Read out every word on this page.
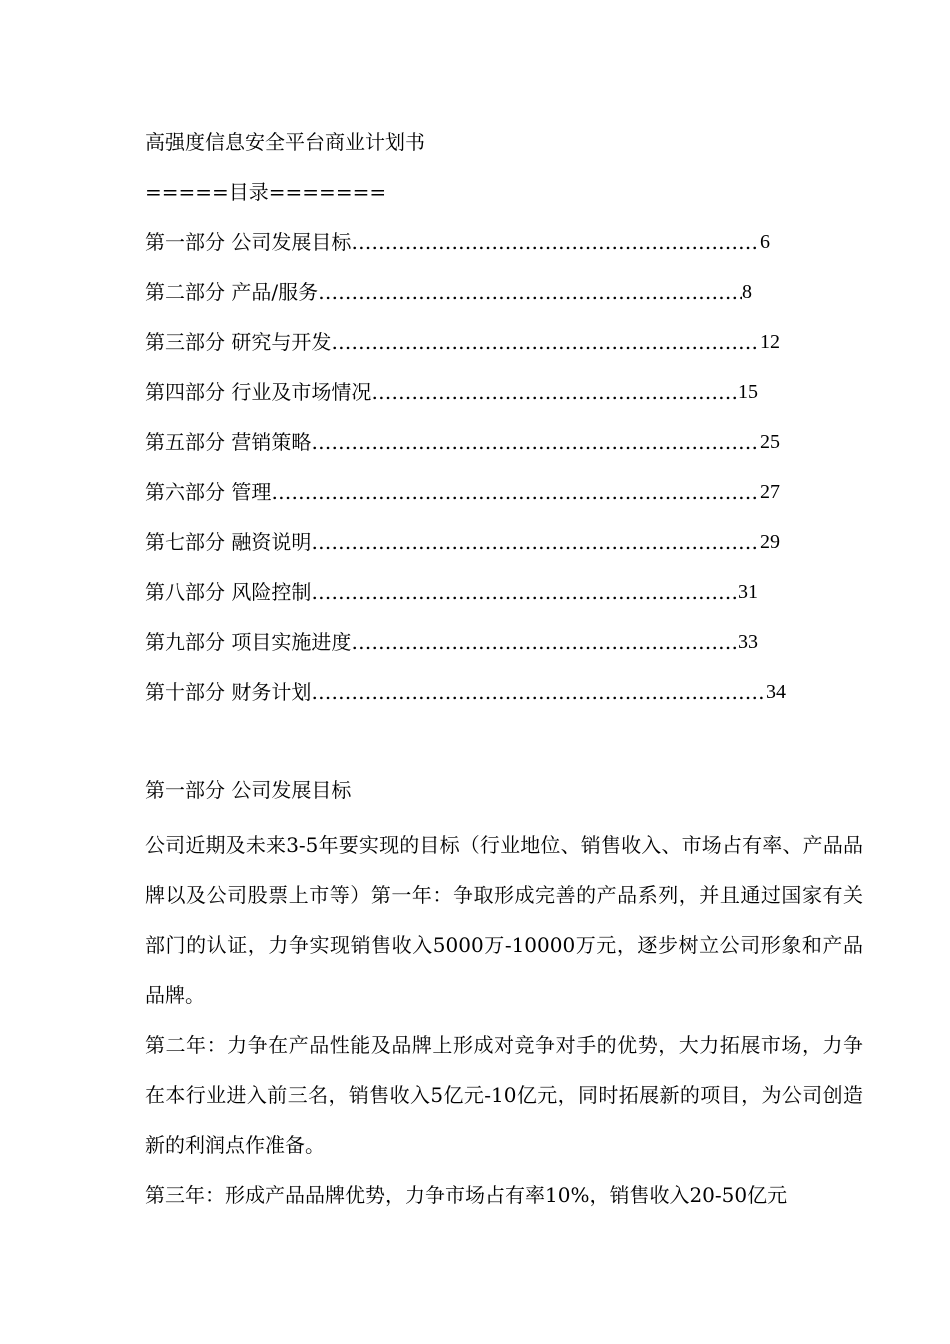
高强度信息安全平台商业计划书
=====目录=======
第一部分 公司发展目标 …………………………………………………………………………………………………………………………	6
第二部分 产品/服务 …………………………………………………………………………………………………………………………	8
第三部分 研究与开发 …………………………………………………………………………………………………………………………	12
第四部分 行业及市场情况 …………………………………………………………………………………………………………………………	15
第五部分 营销策略 …………………………………………………………………………………………………………………………	25
第六部分 管理 …………………………………………………………………………………………………………………………	27
第七部分 融资说明 …………………………………………………………………………………………………………………………	29
第八部分 风险控制 …………………………………………………………………………………………………………………………	31
第九部分 项目实施进度 …………………………………………………………………………………………………………………………	33
第十部分 财务计划 …………………………………………………………………………………………………………………………	34
第一部分 公司发展目标

公司近期及未来3-5年要实现的目标（行业地位、销售收入、市场占有率、产品品牌以及公司股票上市等）第一年：争取形成完善的产品系列，并且通过国家有关部门的认证，力争实现销售收入5000万-10000万元，逐步树立公司形象和产品品牌。

第二年：力争在产品性能及品牌上形成对竞争对手的优势，大力拓展市场，力争在本行业进入前三名，销售收入5亿元-10亿元，同时拓展新的项目，为公司创造新的利润点作准备。

第三年：形成产品品牌优势，力争市场占有率10%，销售收入20-50亿元
